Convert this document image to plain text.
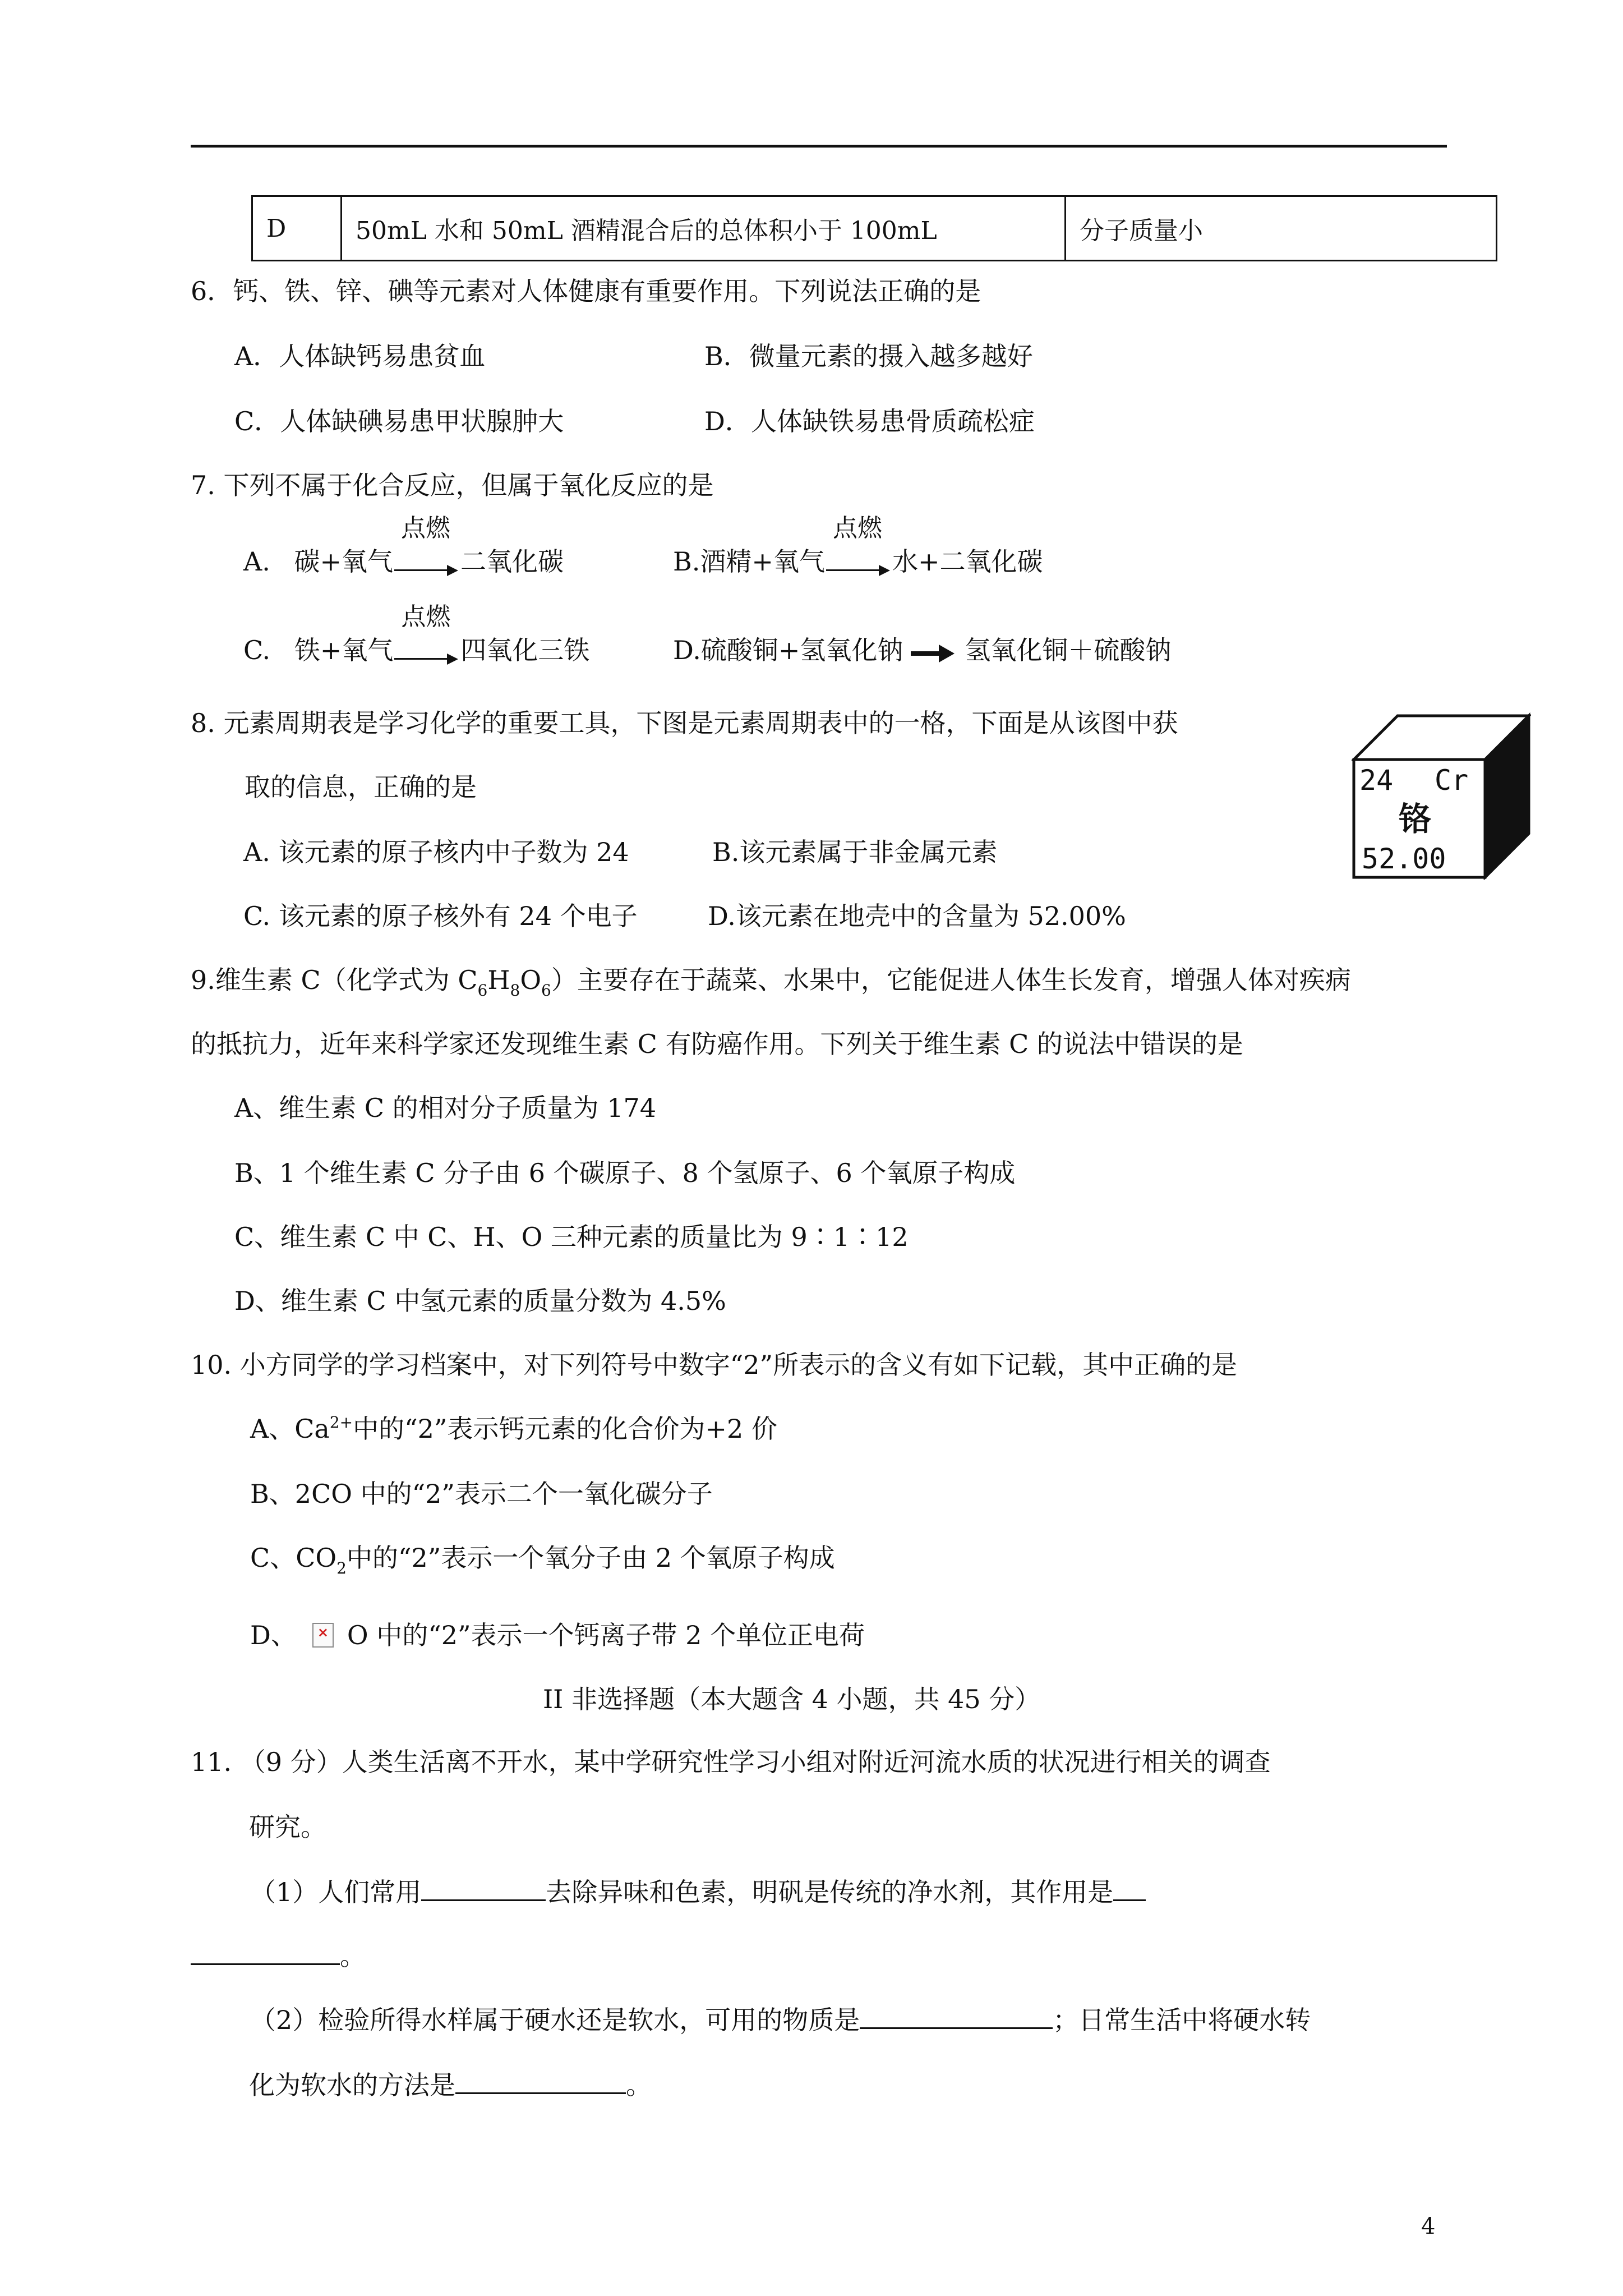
D	50mL 水和 50mL 酒精混合后的总体积小于 100mL	分子质量小
6．钙、铁、锌、碘等元素对人体健康有重要作用。下列说法正确的是
A．人体缺钙易患贫血	B．微量元素的摄入越多越好
C．人体缺碘易患甲状腺肿大	D．人体缺铁易患骨质疏松症
7. 下列不属于化合反应，但属于氧化反应的是
A. 碳+氧气
点燃
二氧化碳	B.酒精+氧气
点燃
水+二氧化碳
C. 铁+氧气
点燃
四氧化三铁	D.硫酸铜+氢氧化钠 氢氧化铜＋硫酸钠
8. 元素周期表是学习化学的重要工具，下图是元素周期表中的一格，下面是从该图中获
取的信息，正确的是
A. 该元素的原子核内中子数为 24	B.该元素属于非金属元素
C. 该元素的原子核外有 24 个电子	D.该元素在地壳中的含量为 52.00%
24 Cr
铬
52.00
9.维生素 C（化学式为 $C_6H_8O_6$）主要存在于蔬菜、水果中，它能促进人体生长发育，增强人体对疾病
的抵抗力，近年来科学家还发现维生素 C 有防癌作用。下列关于维生素 C 的说法中错误的是
A、维生素 C 的相对分子质量为 174
B、1 个维生素 C 分子由 6 个碳原子、8 个氢原子、6 个氧原子构成
C、维生素 C 中 C、H、O 三种元素的质量比为 9∶1∶12
D、维生素 C 中氢元素的质量分数为 4.5%
10. 小方同学的学习档案中，对下列符号中数字“2”所表示的含义有如下记载，其中正确的是
A、$Ca^{2+}$中的“2”表示钙元素的化合价为+2 价
B、2CO 中的“2”表示二个一氧化碳分子
C、$CO_2$中的“2”表示一个氧分子由 2 个氧原子构成
D、 × O 中的“2”表示一个钙离子带 2 个单位正电荷
II 非选择题（本大题含 4 小题，共 45 分）
11. （9 分）人类生活离不开水，某中学研究性学习小组对附近河流水质的状况进行相关的调查
研究。
（1）人们常用	去除异味和色素，明矾是传统的净水剂，其作用是
。
（2）检验所得水样属于硬水还是软水，可用的物质是	；日常生活中将硬水转
化为软水的方法是	。
4
